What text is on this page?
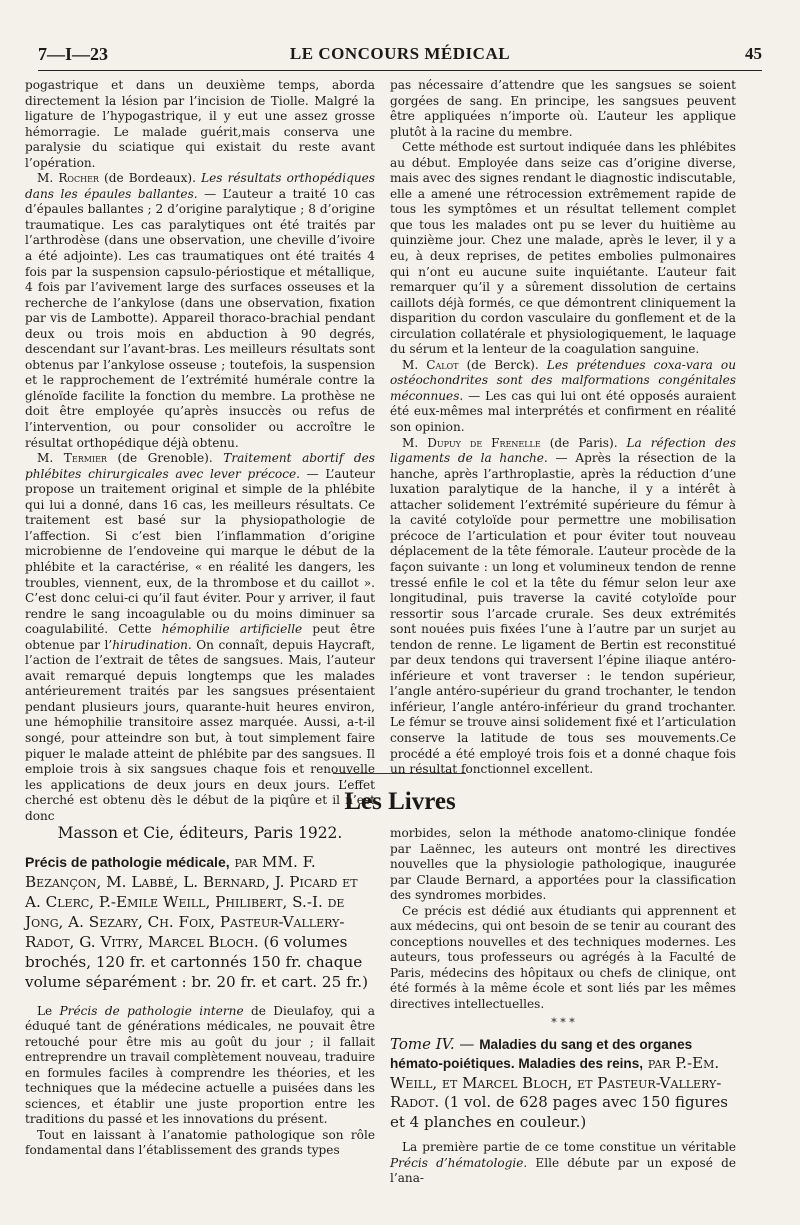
7—I—23	LE CONCOURS MÉDICAL	45

pogastrique et dans un deuxième temps, aborda directement la lésion par l’incision de Tiolle. Malgré la ligature de l’hypogastrique, il y eut une assez grosse hémorragie. Le malade guérit,mais conserva une paralysie du sciatique qui existait du reste avant l’opération.

M. Rocher (de Bordeaux). Les résultats orthopédiques dans les épaules ballantes. — L’auteur a traité 10 cas d’épaules ballantes ; 2 d’origine paralytique ; 8 d’origine traumatique. Les cas paralytiques ont été traités par l’arthrodèse (dans une observation, une cheville d’ivoire a été adjointe). Les cas traumatiques ont été traités 4 fois par la suspension capsulo-périostique et métallique, 4 fois par l’avivement large des surfaces osseuses et la recherche de l’ankylose (dans une observation, fixation par vis de Lambotte). Appareil thoraco-brachial pendant deux ou trois mois en abduction à 90 degrés, descendant sur l’avant-bras. Les meilleurs résultats sont obtenus par l’ankylose osseuse ; toutefois, la suspension et le rapprochement de l’extrémité humérale contre la glénoïde facilite la fonction du membre. La prothèse ne doit être employée qu’après insuccès ou refus de l’intervention, ou pour consolider ou accroître le résultat orthopédique déjà obtenu.

M. Termier (de Grenoble). Traitement abortif des phlébites chirurgicales avec lever précoce. — L’auteur propose un traitement original et simple de la phlébite qui lui a donné, dans 16 cas, les meilleurs résultats. Ce traitement est basé sur la physiopathologie de l’affection. Si c’est bien l’inflammation d’origine microbienne de l’endoveine qui marque le début de la phlébite et la caractérise, « en réalité les dangers, les troubles, viennent, eux, de la thrombose et du caillot ». C’est donc celui-ci qu’il faut éviter. Pour y arriver, il faut rendre le sang incoagulable ou du moins diminuer sa coagulabilité. Cette hémophilie artificielle peut être obtenue par l’hirudination. On connaît, depuis Haycraft, l’action de l’extrait de têtes de sangsues. Mais, l’auteur avait remarqué depuis longtemps que les malades antérieurement traités par les sangsues présentaient pendant plusieurs jours, quarante-huit heures environ, une hémophilie transitoire assez marquée. Aussi, a-t-il songé, pour atteindre son but, à tout simplement faire piquer le malade atteint de phlébite par des sangsues. Il emploie trois à six sangsues chaque fois et renouvelle les applications de deux jours en deux jours. L’effet cherché est obtenu dès le début de la piqûre et il n’est donc

pas nécessaire d’attendre que les sangsues se soient gorgées de sang. En principe, les sangsues peuvent être appliquées n’importe où. L’auteur les applique plutôt à la racine du membre.

Cette méthode est surtout indiquée dans les phlébites au début. Employée dans seize cas d’origine diverse, mais avec des signes rendant le diagnostic indiscutable, elle a amené une rétrocession extrêmement rapide de tous les symptômes et un résultat tellement complet que tous les malades ont pu se lever du huitième au quinzième jour. Chez une malade, après le lever, il y a eu, à deux reprises, de petites embolies pulmonaires qui n’ont eu aucune suite inquiétante. L’auteur fait remarquer qu’il y a sûrement dissolution de certains caillots déjà formés, ce que démontrent cliniquement la disparition du cordon vasculaire du gonflement et de la circulation collatérale et physiologiquement, le laquage du sérum et la lenteur de la coagulation sanguine.

M. Calot (de Berck). Les prétendues coxa-vara ou ostéochondrites sont des malformations congénitales méconnues. — Les cas qui lui ont été opposés auraient été eux-mêmes mal interprétés et confirment en réalité son opinion.

M. Dupuy de Frenelle (de Paris). La réfection des ligaments de la hanche. — Après la résection de la hanche, après l’arthroplastie, après la réduction d’une luxation paralytique de la hanche, il y a intérêt à attacher solidement l’extrémité supérieure du fémur à la cavité cotyloïde pour permettre une mobilisation précoce de l’articulation et pour éviter tout nouveau déplacement de la tête fémorale. L’auteur procède de la façon suivante : un long et volumineux tendon de renne tressé enfile le col et la tête du fémur selon leur axe longitudinal, puis traverse la cavité cotyloïde pour ressortir sous l’arcade crurale. Ses deux extrémités sont nouées puis fixées l’une à l’autre par un surjet au tendon de renne. Le ligament de Bertin est reconstitué par deux tendons qui traversent l’épine iliaque antéro-inférieure et vont traverser : le tendon supérieur, l’angle antéro-supérieur du grand trochanter, le tendon inférieur, l’angle antéro-inférieur du grand trochanter. Le fémur se trouve ainsi solidement fixé et l’articulation conserve la latitude de tous ses mouvements.Ce procédé a été employé trois fois et a donné chaque fois un résultat fonctionnel excellent.

Les Livres

Masson et Cie, éditeurs, Paris 1922.

Précis de pathologie médicale, par MM. F. Bezançon, M. Labbé, L. Bernard, J. Picard et A. Clerc, P.-Emile Weill, Philibert, S.-I. de Jong, A. Sezary, Ch. Foix, Pasteur-Vallery-Radot, G. Vitry, Marcel Bloch. (6 volumes brochés, 120 fr. et cartonnés 150 fr. chaque volume séparément : br. 20 fr. et cart. 25 fr.)

Le Précis de pathologie interne de Dieulafoy, qui a éduqué tant de générations médicales, ne pouvait être retouché pour être mis au goût du jour ; il fallait entreprendre un travail complètement nouveau, traduire en formules faciles à comprendre les théories, et les techniques que la médecine actuelle a puisées dans les sciences, et établir une juste proportion entre les traditions du passé et les innovations du présent.

Tout en laissant à l’anatomie pathologique son rôle fondamental dans l’établissement des grands types

morbides, selon la méthode anatomo-clinique fondée par Laënnec, les auteurs ont montré les directives nouvelles que la physiologie pathologique, inaugurée par Claude Bernard, a apportées pour la classification des syndromes morbides.

Ce précis est dédié aux étudiants qui apprennent et aux médecins, qui ont besoin de se tenir au courant des conceptions nouvelles et des techniques modernes. Les auteurs, tous professeurs ou agrégés à la Faculté de Paris, médecins des hôpitaux ou chefs de clinique, ont été formés à la même école et sont liés par les mêmes directives intellectuelles.

* * *
Tome IV. — Maladies du sang et des organes hémato-poiétiques. Maladies des reins, par P.-Em. Weill, et Marcel Bloch, et Pasteur-Vallery-Radot. (1 vol. de 628 pages avec 150 figures et 4 planches en couleur.)

La première partie de ce tome constitue un véritable Précis d’hématologie. Elle débute par un exposé de l’ana-
